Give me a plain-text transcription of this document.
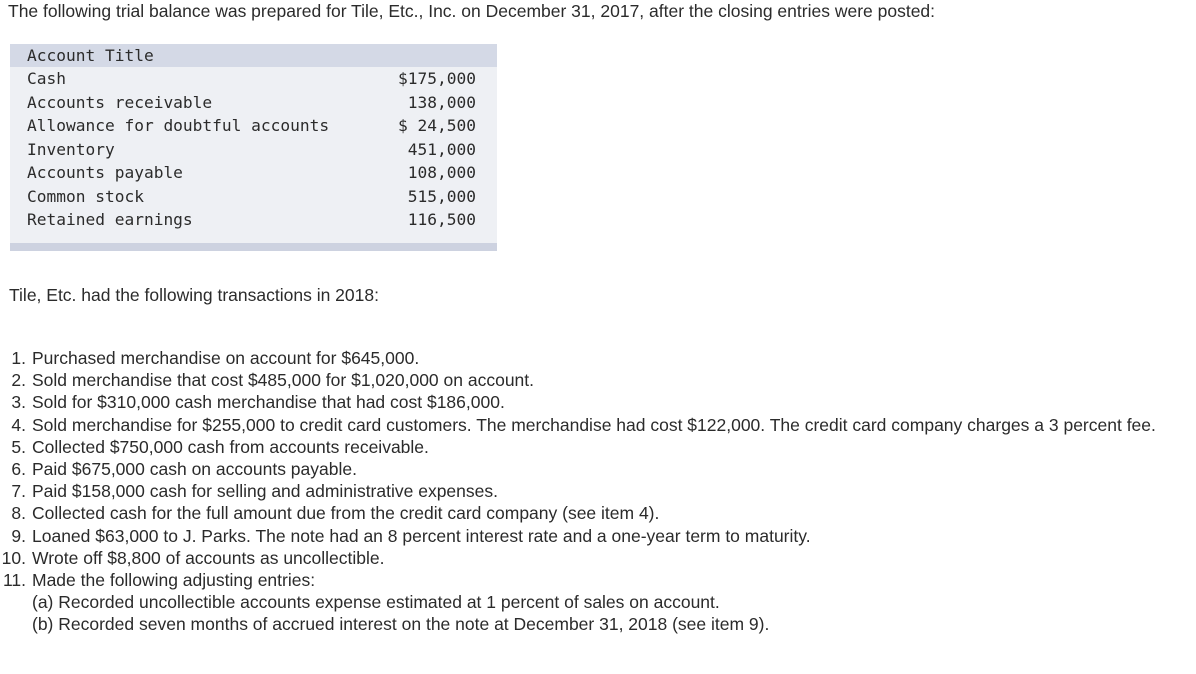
The following trial balance was prepared for Tile, Etc., Inc. on December 31, 2017, after the closing entries were posted:
Account Title
Cash	$175,000
Accounts receivable	138,000
Allowance for doubtful accounts	$ 24,500
Inventory	451,000
Accounts payable	108,000
Common stock	515,000
Retained earnings	116,500
Tile, Etc. had the following transactions in 2018:
1. Purchased merchandise on account for $645,000.
2. Sold merchandise that cost $485,000 for $1,020,000 on account.
3. Sold for $310,000 cash merchandise that had cost $186,000.
4. Sold merchandise for $255,000 to credit card customers. The merchandise had cost $122,000. The credit card company charges a 3 percent fee.
5. Collected $750,000 cash from accounts receivable.
6. Paid $675,000 cash on accounts payable.
7. Paid $158,000 cash for selling and administrative expenses.
8. Collected cash for the full amount due from the credit card company (see item 4).
9. Loaned $63,000 to J. Parks. The note had an 8 percent interest rate and a one-year term to maturity.
10. Wrote off $8,800 of accounts as uncollectible.
11. Made the following adjusting entries:
(a) Recorded uncollectible accounts expense estimated at 1 percent of sales on account.
(b) Recorded seven months of accrued interest on the note at December 31, 2018 (see item 9).
